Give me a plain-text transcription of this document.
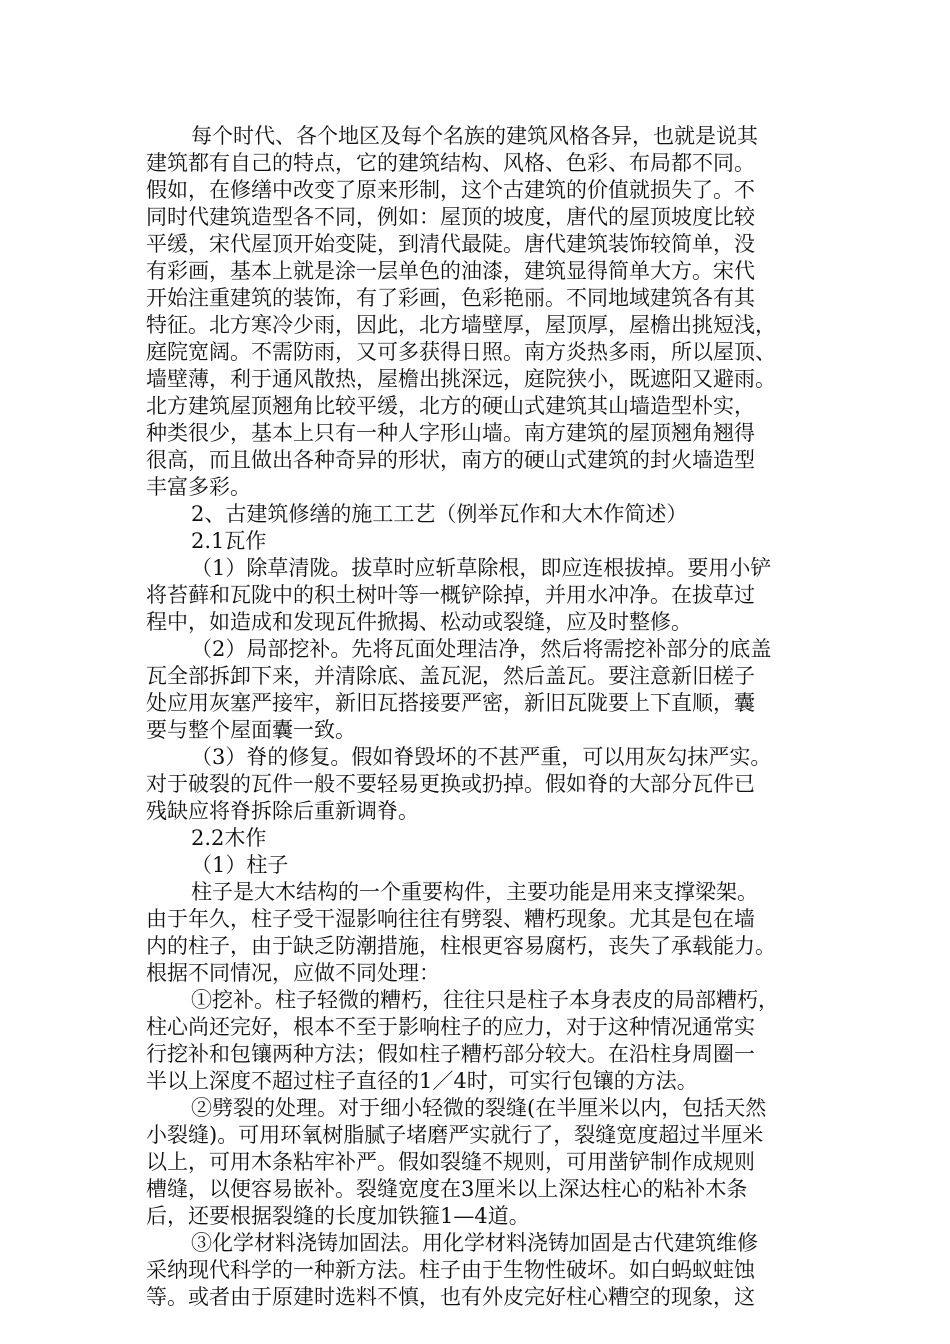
每个时代、各个地区及每个名族的建筑风格各异，也就是说其

建筑都有自己的特点，它的建筑结构、风格、色彩、布局都不同。

假如，在修缮中改变了原来形制，这个古建筑的价值就损失了。不

同时代建筑造型各不同，例如：屋顶的坡度，唐代的屋顶坡度比较

平缓，宋代屋顶开始变陡，到清代最陡。唐代建筑装饰较简单，没

有彩画，基本上就是涂一层单色的油漆，建筑显得简单大方。宋代

开始注重建筑的装饰，有了彩画，色彩艳丽。不同地域建筑各有其

特征。北方寒冷少雨，因此，北方墙壁厚，屋顶厚，屋檐出挑短浅，

庭院宽阔。不需防雨，又可多获得日照。南方炎热多雨，所以屋顶、

墙壁薄，利于通风散热，屋檐出挑深远，庭院狭小，既遮阳又避雨。

北方建筑屋顶翘角比较平缓，北方的硬山式建筑其山墙造型朴实，

种类很少，基本上只有一种人字形山墙。南方建筑的屋顶翘角翘得

很高，而且做出各种奇异的形状，南方的硬山式建筑的封火墙造型

丰富多彩。

2、古建筑修缮的施工工艺（例举瓦作和大木作简述）

2.1瓦作

（1）除草清陇。拔草时应斩草除根，即应连根拔掉。要用小铲

将苔藓和瓦陇中的积土树叶等一概铲除掉，并用水冲净。在拔草过

程中，如造成和发现瓦件掀揭、松动或裂缝，应及时整修。

（2）局部挖补。先将瓦面处理洁净，然后将需挖补部分的底盖

瓦全部拆卸下来，并清除底、盖瓦泥，然后盖瓦。要注意新旧槎子

处应用灰塞严接牢，新旧瓦搭接要严密，新旧瓦陇要上下直顺，囊

要与整个屋面囊一致。

（3）脊的修复。假如脊毁坏的不甚严重，可以用灰勾抹严实。

对于破裂的瓦件一般不要轻易更换或扔掉。假如脊的大部分瓦件已

残缺应将脊拆除后重新调脊。

2.2木作

（1）柱子

柱子是大木结构的一个重要构件，主要功能是用来支撑梁架。

由于年久，柱子受干湿影响往往有劈裂、糟朽现象。尤其是包在墙

内的柱子，由于缺乏防潮措施，柱根更容易腐朽，丧失了承载能力。

根据不同情况，应做不同处理：

①挖补。柱子轻微的糟朽，往往只是柱子本身表皮的局部糟朽，

柱心尚还完好，根本不至于影响柱子的应力，对于这种情况通常实

行挖补和包镶两种方法；假如柱子糟朽部分较大。在沿柱身周圈一

半以上深度不超过柱子直径的1／4时，可实行包镶的方法。

②劈裂的处理。对于细小轻微的裂缝(在半厘米以内，包括天然

小裂缝)。可用环氧树脂腻子堵磨严实就行了，裂缝宽度超过半厘米

以上，可用木条粘牢补严。假如裂缝不规则，可用凿铲制作成规则

槽缝，以便容易嵌补。裂缝宽度在3厘米以上深达柱心的粘补木条

后，还要根据裂缝的长度加铁箍1—4道。

③化学材料浇铸加固法。用化学材料浇铸加固是古代建筑维修

采纳现代科学的一种新方法。柱子由于生物性破坏。如白蚂蚁蛀蚀

等。或者由于原建时选料不慎，也有外皮完好柱心糟空的现象，这
